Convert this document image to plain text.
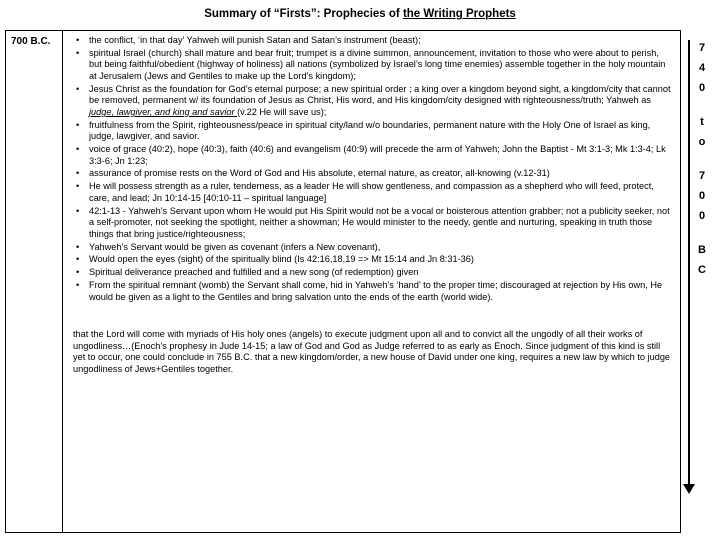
Summary of “Firsts”: Prophecies of the Writing Prophets
700 B.C.	• the conflict, ‘in that day’ Yahweh will punish Satan and Satan’s instrument (beast);
• spiritual Israel (church) shall mature and bear fruit; trumpet is a divine summon, announcement, invitation to those who were about to perish, but being faithful/obedient (highway of holiness) all nations (symbolized by Israel’s long time enemies) assemble together in the holy mountain at Jerusalem (Jews and Gentiles to make up the Lord’s kingdom);
• Jesus Christ as the foundation for God’s eternal purpose; a new spiritual order ; a king over a kingdom beyond sight, a kingdom/city that cannot be removed, permanent w/ its foundation of Jesus as Christ, His word, and His kingdom/city designed with righteousness/truth; Yahweh as judge, lawgiver, and king and savior (v.22 He will save us);
• fruitfulness from the Spirit, righteousness/peace in spiritual city/land w/o boundaries, permanent nature with the Holy One of Israel as king, judge, lawgiver, and savior.
• voice of grace (40:2), hope (40:3), faith (40:6) and evangelism (40:9) will precede the arm of Yahweh; John the Baptist - Mt 3:1-3; Mk 1:3-4; Lk 3:3-6; Jn 1:23;
• assurance of promise rests on the Word of God and His absolute, eternal nature, as creator, all-knowing (v.12-31)
• He will possess strength as a ruler, tenderness, as a leader He will show gentleness, and compassion as a shepherd who will feed, protect, care, and lead; Jn 10:14-15 [40:10-11 – spiritual language]
• 42:1-13 - Yahweh’s Servant upon whom He would put His Spirit would not be a vocal or boisterous attention grabber; not a publicity seeker, not a self-promoter, not seeking the spotlight, neither a showman; He would minister to the needy, gentle and nurturing, speaking in truth those things that bring justice/righteousness;
• Yahweh’s Servant would be given as covenant (infers a New covenant),
• Would open the eyes (sight) of the spiritually blind (Is 42:16,18,19 => Mt 15:14 and Jn 8:31-36)
• Spiritual deliverance preached and fulfilled and a new song (of redemption) given
• From the spiritual remnant (womb) the Servant shall come, hid in Yahweh’s ‘hand’ to the proper time; discouraged at rejection by His own, He would be given as a light to the Gentiles and bring salvation unto the ends of the earth (world wide).
that the Lord will come with myriads of His holy ones (angels) to execute judgment upon all and to convict all the ungodly of all their works of ungodliness…(Enoch’s prophesy in Jude 14-15; a law of God and God as Judge referred to as early as Enoch. Since judgment of this kind is still yet to occur, one could conclude in 755 B.C. that a new kingdom/order, a new house of David under one king, requires a new law by which to judge ungodliness of Jews+Gentiles together.
7
4
0
t
o
7
0
0
B
C
